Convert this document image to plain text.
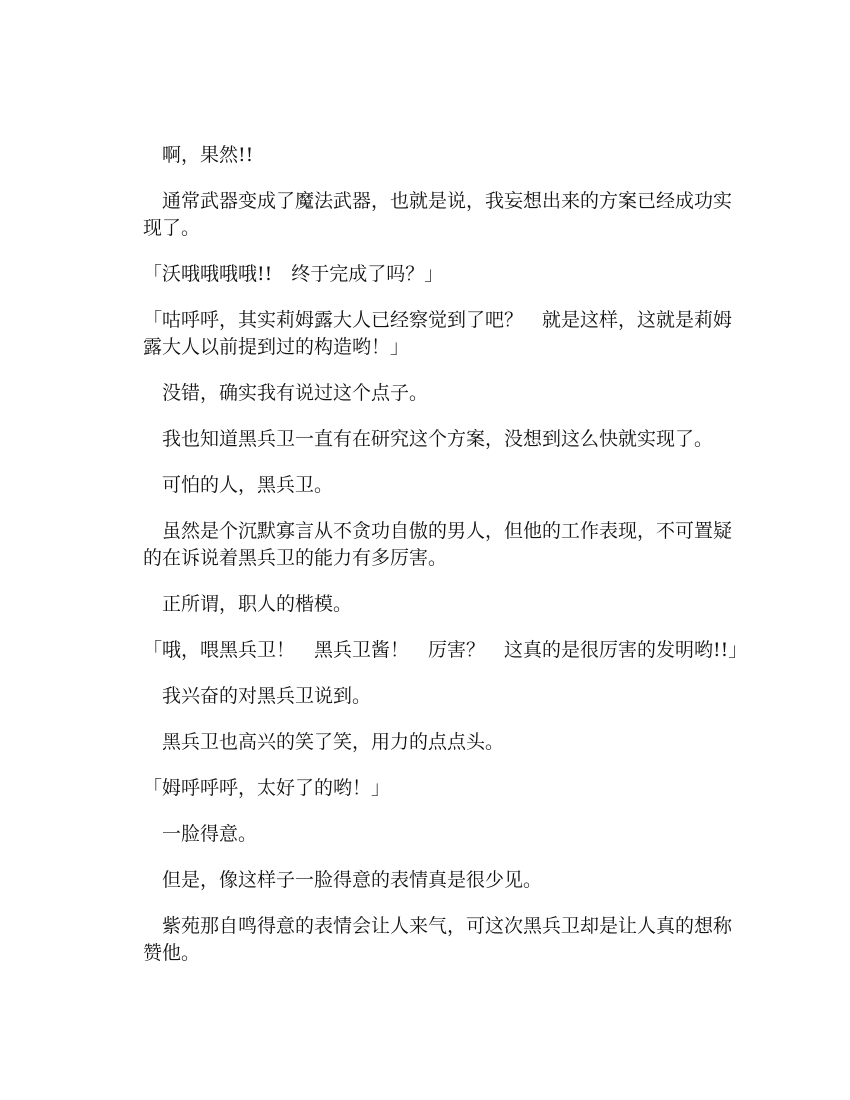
　啊，果然!!

　通常武器变成了魔法武器，也就是说，我妄想出来的方案已经成功实现了。

「沃哦哦哦哦!!　终于完成了吗？」

「咕呼呼，其实莉姆露大人已经察觉到了吧？　就是这样，这就是莉姆露大人以前提到过的构造哟！」

　没错，确实我有说过这个点子。

　我也知道黑兵卫一直有在研究这个方案，没想到这么快就实现了。

　可怕的人，黑兵卫。

　虽然是个沉默寡言从不贪功自傲的男人，但他的工作表现，不可置疑的在诉说着黑兵卫的能力有多厉害。

　正所谓，职人的楷模。

「哦，喂黑兵卫！　黑兵卫酱！　厉害？　这真的是很厉害的发明哟!!」

　我兴奋的对黑兵卫说到。

　黑兵卫也高兴的笑了笑，用力的点点头。

「姆呼呼呼，太好了的哟！」

　一脸得意。

　但是，像这样子一脸得意的表情真是很少见。

　紫苑那自鸣得意的表情会让人来气，可这次黑兵卫却是让人真的想称赞他。
